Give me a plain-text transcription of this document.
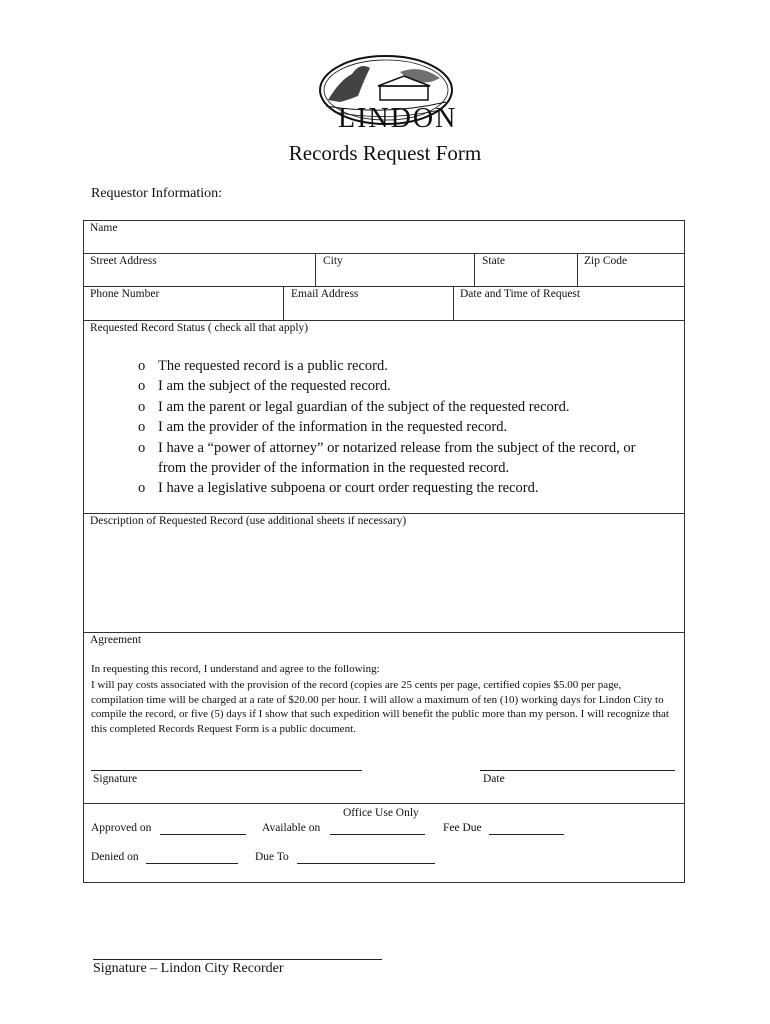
LINDON
Records Request Form
Requestor Information:
Name
Street Address	City	State	Zip Code
Phone Number	Email Address	Date and Time of Request
Requested Record Status ( check all that apply)
o The requested record is a public record.
o I am the subject of the requested record.
o I am the parent or legal guardian of the subject of the requested record.
o I am the provider of the information in the requested record.
o I have a “power of attorney” or notarized release from the subject of the record, or from the provider of the information in the requested record.
o I have a legislative subpoena or court order requesting the record.
Description of Requested Record (use additional sheets if necessary)
Agreement
In requesting this record, I understand and agree to the following:
I will pay costs associated with the provision of the record (copies are 25 cents per page, certified copies $5.00 per page, compilation time will be charged at a rate of $20.00 per hour. I will allow a maximum of ten (10) working days for Lindon City to compile the record, or five (5) days if I show that such expedition will benefit the public more than my person. I will recognize that this completed Records Request Form is a public document.
Signature	Date
Office Use Only
Approved on	Available on	Fee Due
Denied on	Due To
Signature – Lindon City Recorder
